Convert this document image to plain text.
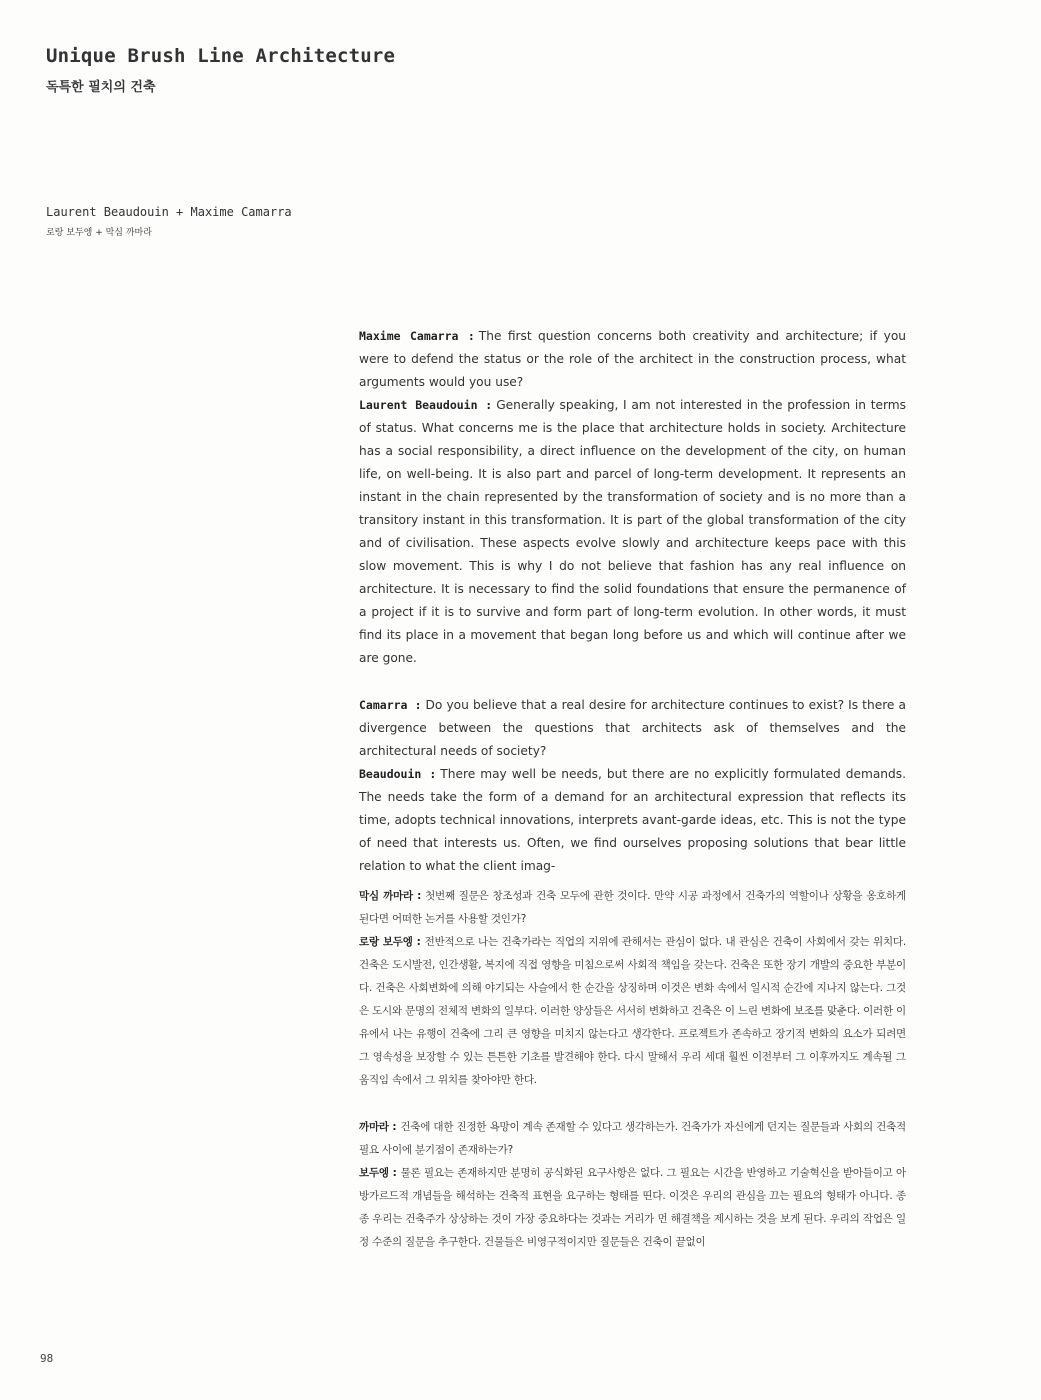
Unique Brush Line Architecture
독특한 필치의 건축
Laurent Beaudouin + Maxime Camarra
로랑 보두엥 + 막심 까마라

Maxime Camarra : The first question concerns both creativity and architecture; if you were to defend the status or the role of the architect in the construction process, what arguments would you use?

Laurent Beaudouin : Generally speaking, I am not interested in the profession in terms of status. What concerns me is the place that architecture holds in society. Architecture has a social responsibility, a direct influence on the development of the city, on human life, on well-being. It is also part and parcel of long-term development. It represents an instant in the chain represented by the transformation of society and is no more than a transitory instant in this transformation. It is part of the global transformation of the city and of civilisation. These aspects evolve slowly and architecture keeps pace with this slow movement. This is why I do not believe that fashion has any real influence on architecture. It is necessary to find the solid foundations that ensure the permanence of a project if it is to survive and form part of long-term evolution. In other words, it must find its place in a movement that began long before us and which will continue after we are gone.

Camarra : Do you believe that a real desire for architecture continues to exist? Is there a divergence between the questions that architects ask of themselves and the architectural needs of society?

Beaudouin : There may well be needs, but there are no explicitly formulated demands. The needs take the form of a demand for an architectural expression that reflects its time, adopts technical innovations, interprets avant-garde ideas, etc. This is not the type of need that interests us. Often, we find ourselves proposing solutions that bear little relation to what the client imag-

막심 까마라 : 첫번째 질문은 창조성과 건축 모두에 관한 것이다. 만약 시공 과정에서 건축가의 역할이나 상황을 옹호하게 된다면 어떠한 논거를 사용할 것인가?

로랑 보두엥 : 전반적으로 나는 건축가라는 직업의 지위에 관해서는 관심이 없다. 내 관심은 건축이 사회에서 갖는 위치다. 건축은 도시발전, 인간생활, 복지에 직접 영향을 미침으로써 사회적 책임을 갖는다. 건축은 또한 장기 개발의 중요한 부분이다. 건축은 사회변화에 의해 야기되는 사슬에서 한 순간을 상징하며 이것은 변화 속에서 일시적 순간에 지나지 않는다. 그것은 도시와 문명의 전체적 변화의 일부다. 이러한 양상들은 서서히 변화하고 건축은 이 느린 변화에 보조를 맞춘다. 이러한 이유에서 나는 유행이 건축에 그리 큰 영향을 미치지 않는다고 생각한다. 프로젝트가 존속하고 장기적 변화의 요소가 되려면 그 영속성을 보장할 수 있는 튼튼한 기초를 발견해야 한다. 다시 말해서 우리 세대 훨씬 이전부터 그 이후까지도 계속될 그 움직임 속에서 그 위치를 찾아야만 한다.

까마라 : 건축에 대한 진정한 욕망이 계속 존재할 수 있다고 생각하는가. 건축가가 자신에게 던지는 질문들과 사회의 건축적 필요 사이에 분기점이 존재하는가?

보두엥 : 물론 필요는 존재하지만 분명히 공식화된 요구사항은 없다. 그 필요는 시간을 반영하고 기술혁신을 받아들이고 아방가르드적 개념들을 해석하는 건축적 표현을 요구하는 형태를 띤다. 이것은 우리의 관심을 끄는 필요의 형태가 아니다. 종종 우리는 건축주가 상상하는 것이 가장 중요하다는 것과는 거리가 먼 해결책을 제시하는 것을 보게 된다. 우리의 작업은 일정 수준의 질문을 추구한다. 건물들은 비영구적이지만 질문들은 건축이 끝없이

98
